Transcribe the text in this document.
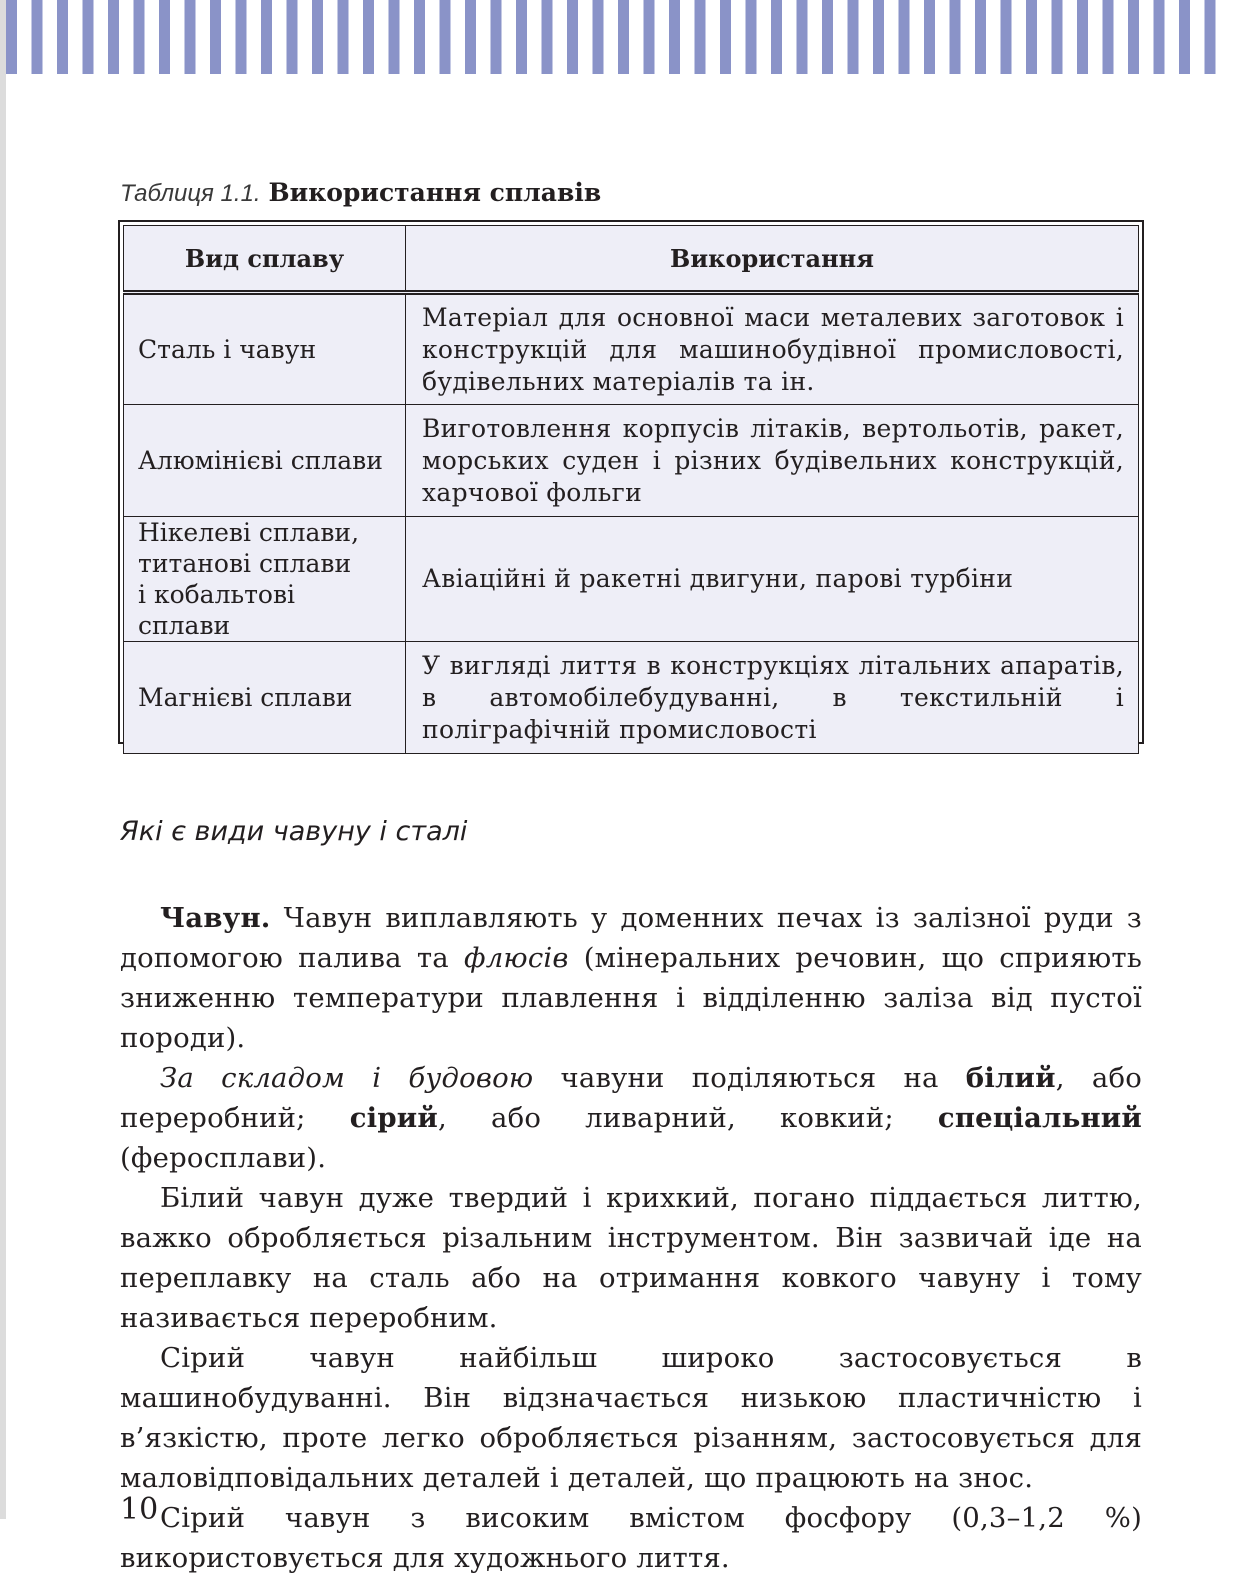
Таблиця 1.1. Використання сплавів
Вид сплаву	Використання
Сталь і чавун	Матеріал для основної маси металевих заготовок і конструкцій для машинобудівної промисловості, будівельних матеріалів та ін.
Алюмінієві сплави	Виготовлення корпусів літаків, вертольотів, ракет, морських суден і різних будівельних конструкцій, харчової фольги
Нікелеві сплави,
титанові сплави
і кобальтові сплави	Авіаційні й ракетні двигуни, парові турбіни
Магнієві сплави	У вигляді лиття в конструкціях літальних апаратів, в автомобілебудуванні, в текстильній і поліграфічній промисловості
Які є види чавуну і сталі

Чавун. Чавун виплавляють у доменних печах із залізної руди з допомогою палива та флюсів (мінеральних речовин, що сприяють зниженню температури плавлення і відділенню заліза від пустої породи).

За складом і будовою чавуни поділяються на білий, або переробний; сірий, або ливарний, ковкий; спеціальний (феросплави).

Білий чавун дуже твердий і крихкий, погано піддається литтю, важко обробляється різальним інструментом. Він зазвичай іде на переплавку на сталь або на отримання ковкого чавуну і тому називається переробним.

Сірий чавун найбільш широко застосовується в машинобудуванні. Він відзначається низькою пластичністю і в’язкістю, проте легко обробляється різанням, застосовується для маловідповідальних деталей і деталей, що працюють на знос.

Сірий чавун з високим вмістом фосфору (0,3–1,2 %) використовується для художнього лиття.

10
